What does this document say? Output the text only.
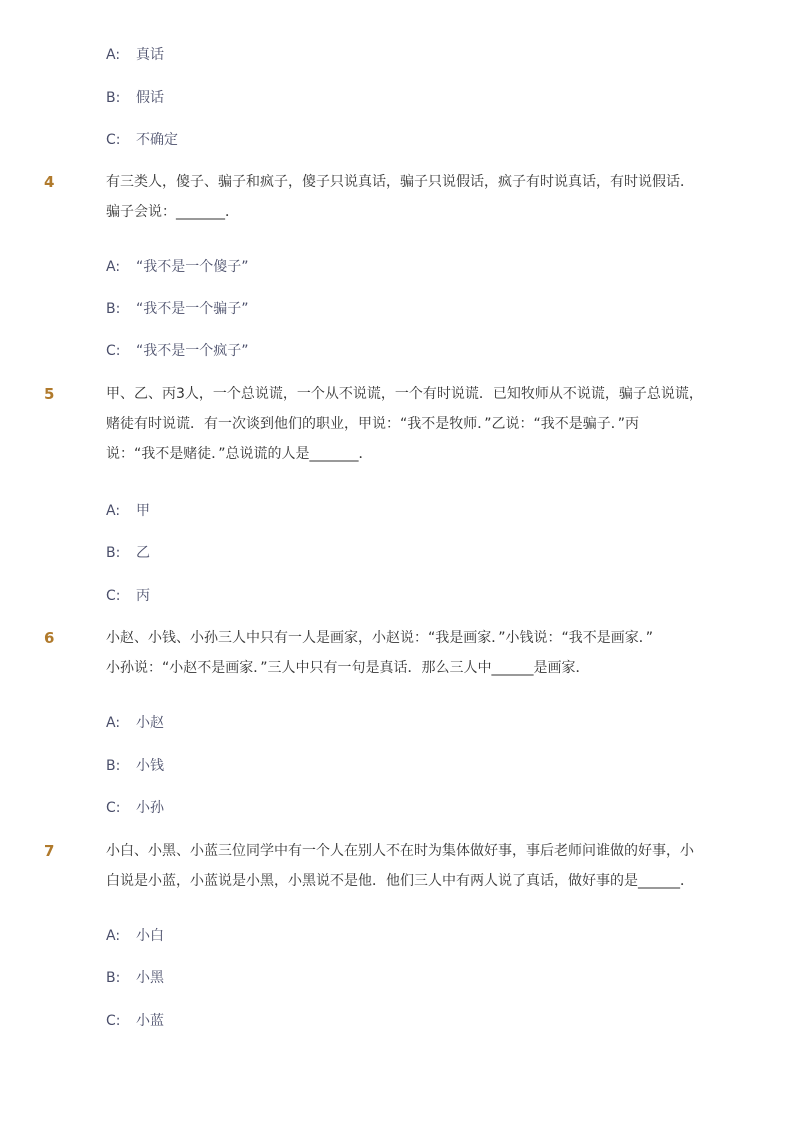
A: 真话
B: 假话
C: 不确定
4	有三类人，傻子、骗子和疯子，傻子只说真话，骗子只说假话，疯子有时说真话，有时说假话．
骗子会说：_______．
A: “我不是一个傻子”
B: “我不是一个骗子”
C: “我不是一个疯子”
5	甲、乙、丙3人，一个总说谎，一个从不说谎，一个有时说谎．已知牧师从不说谎，骗子总说谎，
赌徒有时说谎．有一次谈到他们的职业，甲说：“我不是牧师．”乙说：“我不是骗子．”丙
说：“我不是赌徒．”总说谎的人是_______．
A: 甲
B: 乙
C: 丙
6	小赵、小钱、小孙三人中只有一人是画家，小赵说：“我是画家．”小钱说：“我不是画家．”
小孙说：“小赵不是画家．”三人中只有一句是真话．那么三人中______是画家．
A: 小赵
B: 小钱
C: 小孙
7	小白、小黑、小蓝三位同学中有一个人在别人不在时为集体做好事，事后老师问谁做的好事，小
白说是小蓝，小蓝说是小黑，小黑说不是他．他们三人中有两人说了真话，做好事的是______．
A: 小白
B: 小黑
C: 小蓝
